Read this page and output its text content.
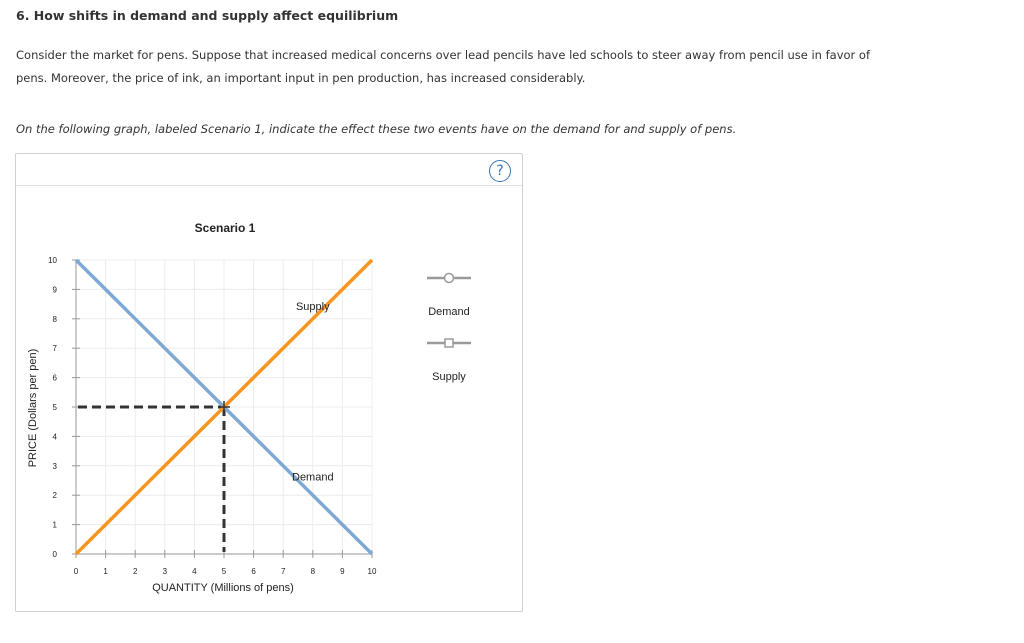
6. How shifts in demand and supply affect equilibrium
Consider the market for pens. Suppose that increased medical concerns over lead pencils have led schools to steer away from pencil use in favor of pens. Moreover, the price of ink, an important input in pen production, has increased considerably.
On the following graph, labeled Scenario 1, indicate the effect these two events have on the demand for and supply of pens.
?
Scenario 1
0	1	2	3	4	5	6	7	8	9	10
0
1
2
3
4
5
6
7
8
9
10
Demand
Supply
QUANTITY (Millions of pens)
PRICE (Dollars per pen)
Demand
Supply
